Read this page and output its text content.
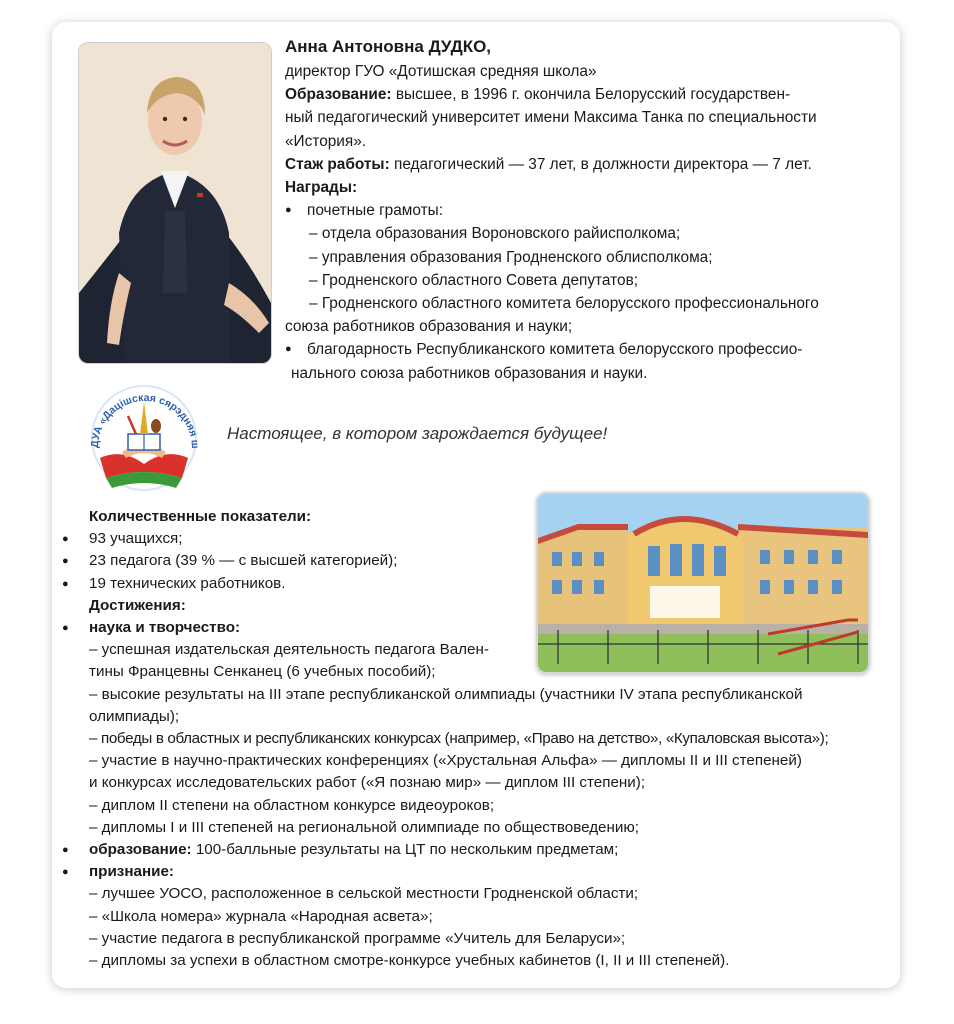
Анна Антоновна ДУДКО,

директор ГУО «Дотишская средняя школа»

Образование: высшее, в 1996 г. окончила Белорусский государствен-

ный педагогический университет имени Максима Танка по специальности

«История».

Стаж работы: педагогический — 37 лет, в должности директора — 7 лет.

Награды:

● почетные грамоты:

– отдела образования Вороновского райисполкома;

– управления образования Гродненского облисполкома;

– Гродненского областного Совета депутатов;

– Гродненского областного комитета белорусского профессионального

союза работников образования и науки;

● благодарность Республиканского комитета белорусского профессио-

нального союза работников образования и науки.

ДУА «Дацішская сярэдняя ш
Настоящее, в котором зарождается будущее!

Количественные показатели:

● 93 учащихся;

● 23 педагога (39 % — с высшей категорией);

● 19 технических работников.

Достижения:

● наука и творчество:

– успешная издательская деятельность педагога Вален-

тины Францевны Сенканец (6 учебных пособий);

– высокие результаты на III этапе республиканской олимпиады (участники IV этапа республиканской

олимпиады);

– победы в областных и республиканских конкурсах (например, «Право на детство», «Купаловская высота»);

– участие в научно-практических конференциях («Хрустальная Альфа» — дипломы II и III степеней)

и конкурсах исследовательских работ («Я познаю мир» — диплом III степени);

– диплом II степени на областном конкурсе видеоуроков;

– дипломы I и III степеней на региональной олимпиаде по обществоведению;

● образование: 100-балльные результаты на ЦТ по нескольким предметам;

● признание:

– лучшее УОСО, расположенное в сельской местности Гродненской области;

– «Школа номера» журнала «Народная асвета»;

– участие педагога в республиканской программе «Учитель для Беларуси»;

– дипломы за успехи в областном смотре-конкурсе учебных кабинетов (I, II и III степеней).
